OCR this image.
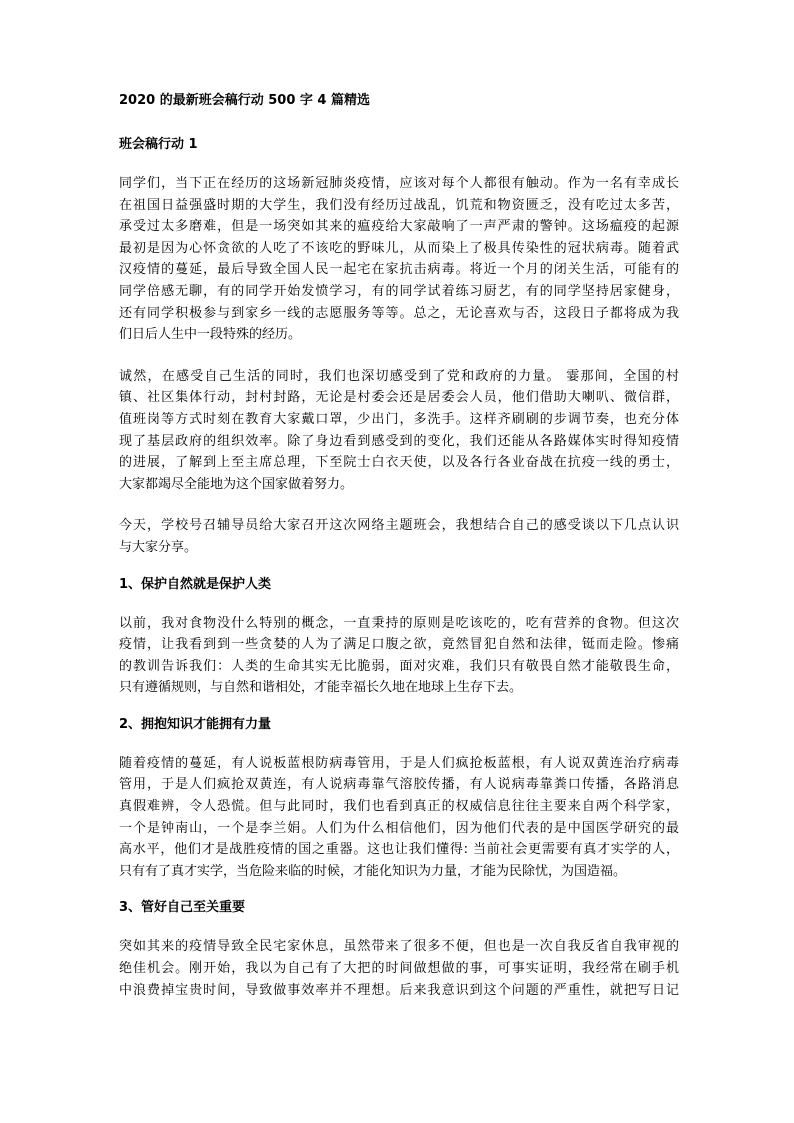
2020 的最新班会稿行动 500 字 4 篇精选
班会稿行动 1
同学们，当下正在经历的这场新冠肺炎疫情，应该对每个人都很有触动。作为一名有幸成长
在祖国日益强盛时期的大学生，我们没有经历过战乱，饥荒和物资匮乏，没有吃过太多苦，
承受过太多磨难，但是一场突如其来的瘟疫给大家敲响了一声严肃的警钟。这场瘟疫的起源
最初是因为心怀贪欲的人吃了不该吃的野味儿，从而染上了极具传染性的冠状病毒。随着武
汉疫情的蔓延，最后导致全国人民一起宅在家抗击病毒。将近一个月的闭关生活，可能有的
同学倍感无聊，有的同学开始发愤学习，有的同学试着练习厨艺，有的同学坚持居家健身，
还有同学积极参与到家乡一线的志愿服务等等。总之，无论喜欢与否，这段日子都将成为我
们日后人生中一段特殊的经历。
诚然，在感受自己生活的同时，我们也深切感受到了党和政府的力量。 霎那间，全国的村
镇、社区集体行动，封村封路，无论是村委会还是居委会人员，他们借助大喇叭、微信群，
值班岗等方式时刻在教育大家戴口罩，少出门，多洗手。这样齐刷刷的步调节奏，也充分体
现了基层政府的组织效率。除了身边看到感受到的变化，我们还能从各路媒体实时得知疫情
的进展，了解到上至主席总理，下至院士白衣天使，以及各行各业奋战在抗疫一线的勇士，
大家都竭尽全能地为这个国家做着努力。
今天，学校号召辅导员给大家召开这次网络主题班会，我想结合自己的感受谈以下几点认识
与大家分享。
1、保护自然就是保护人类
以前，我对食物没什么特别的概念，一直秉持的原则是吃该吃的，吃有营养的食物。但这次
疫情，让我看到到一些贪婪的人为了满足口腹之欲，竟然冒犯自然和法律，铤而走险。惨痛
的教训告诉我们：人类的生命其实无比脆弱，面对灾难，我们只有敬畏自然才能敬畏生命，
只有遵循规则，与自然和谐相处，才能幸福长久地在地球上生存下去。
2、拥抱知识才能拥有力量
随着疫情的蔓延，有人说板蓝根防病毒管用，于是人们疯抢板蓝根，有人说双黄连治疗病毒
管用，于是人们疯抢双黄连，有人说病毒靠气溶胶传播，有人说病毒靠粪口传播，各路消息
真假难辨，令人恐慌。但与此同时，我们也看到真正的权威信息往往主要来自两个科学家，
一个是钟南山，一个是李兰娟。人们为什么相信他们，因为他们代表的是中国医学研究的最
高水平，他们才是战胜疫情的国之重器。这也让我们懂得: 当前社会更需要有真才实学的人，
只有有了真才实学，当危险来临的时候，才能化知识为力量，才能为民除忧，为国造福。
3、管好自己至关重要
突如其来的疫情导致全民宅家休息，虽然带来了很多不便，但也是一次自我反省自我审视的
绝佳机会。刚开始，我以为自己有了大把的时间做想做的事，可事实证明，我经常在刷手机
中浪费掉宝贵时间，导致做事效率并不理想。后来我意识到这个问题的严重性，就把写日记
